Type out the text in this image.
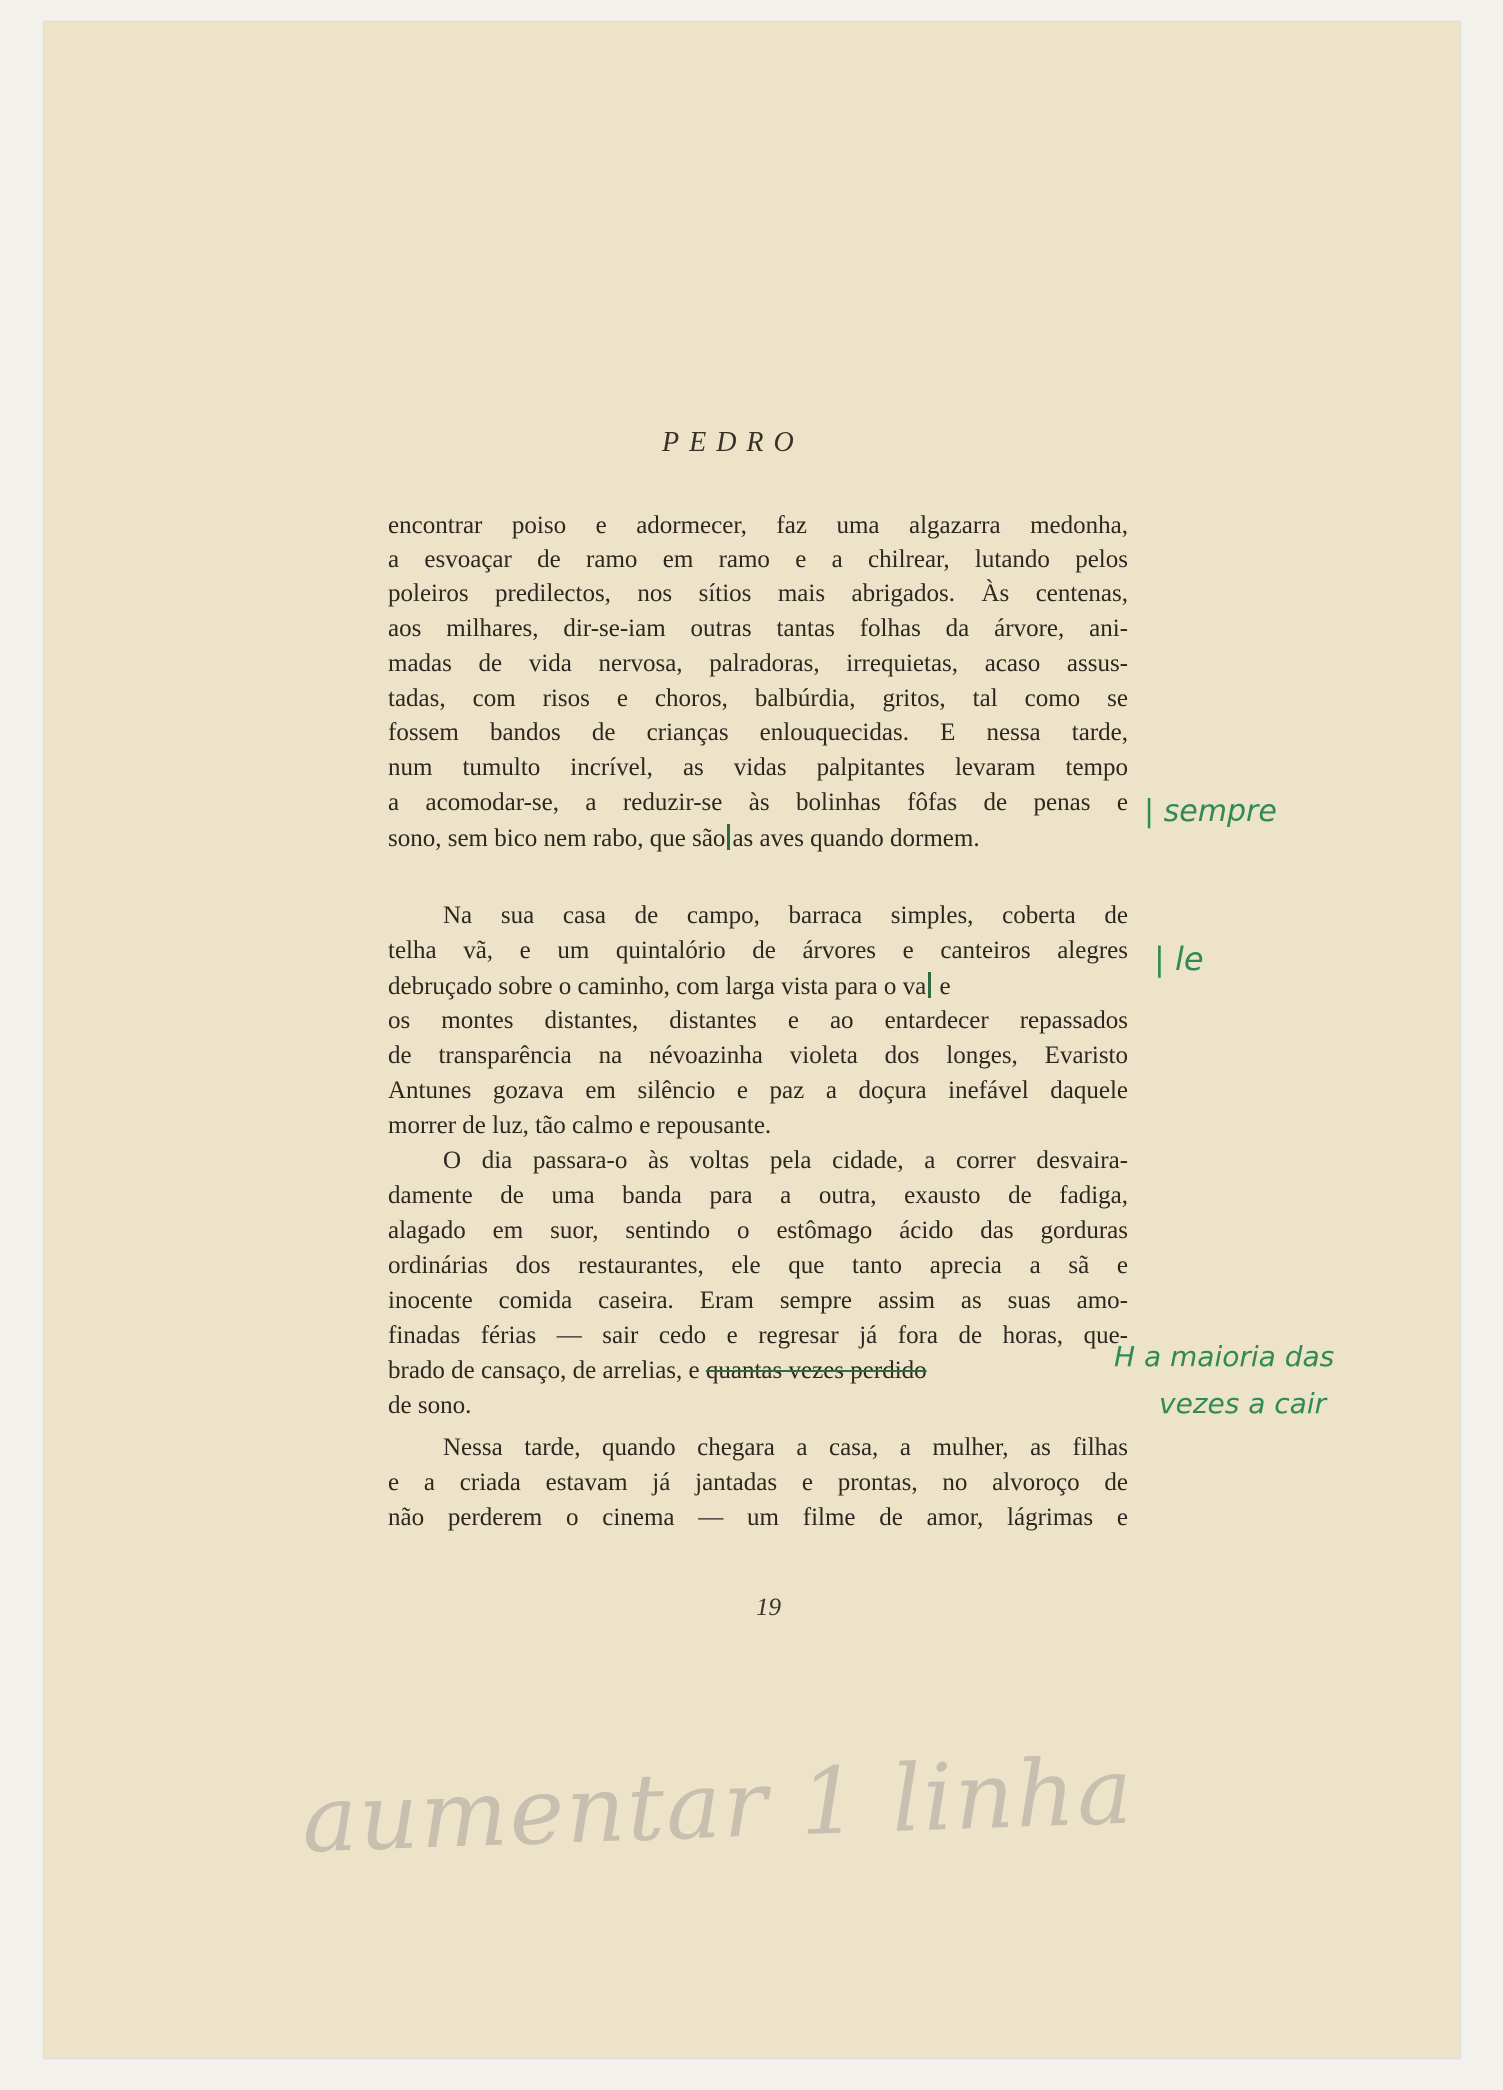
PEDRO
encontrar poiso e adormecer, faz uma algazarra medonha,
a esvoaçar de ramo em ramo e a chilrear, lutando pelos
poleiros predilectos, nos sítios mais abrigados. Às centenas,
aos milhares, dir-se-iam outras tantas folhas da árvore, ani-
madas de vida nervosa, palradoras, irrequietas, acaso assus-
tadas, com risos e choros, balbúrdia, gritos, tal como se
fossem bandos de crianças enlouquecidas. E nessa tarde,
num tumulto incrível, as vidas palpitantes levaram tempo
a acomodar-se, a reduzir-se às bolinhas fôfas de penas e
sono, sem bico nem rabo, que são as aves quando dormem.
Na sua casa de campo, barraca simples, coberta de
telha vã, e um quintalório de árvores e canteiros alegres
debruçado sobre o caminho, com larga vista para o va e
os montes distantes, distantes e ao entardecer repassados
de transparência na névoazinha violeta dos longes, Evaristo
Antunes gozava em silêncio e paz a doçura inefável daquele
morrer de luz, tão calmo e repousante.
O dia passara-o às voltas pela cidade, a correr desvaira-
damente de uma banda para a outra, exausto de fadiga,
alagado em suor, sentindo o estômago ácido das gorduras
ordinárias dos restaurantes, ele que tanto aprecia a sã e
inocente comida caseira. Eram sempre assim as suas amo-
finadas férias — sair cedo e regresar já fora de horas, que-
brado de cansaço, de arrelias, e quantas vezes perdido
de sono.
Nessa tarde, quando chegara a casa, a mulher, as filhas
e a criada estavam já jantadas e prontas, no alvoroço de
não perderem o cinema — um filme de amor, lágrimas e
19
| sempre
| le
H a maioria das
vezes a cair
aumentar 1 linha
